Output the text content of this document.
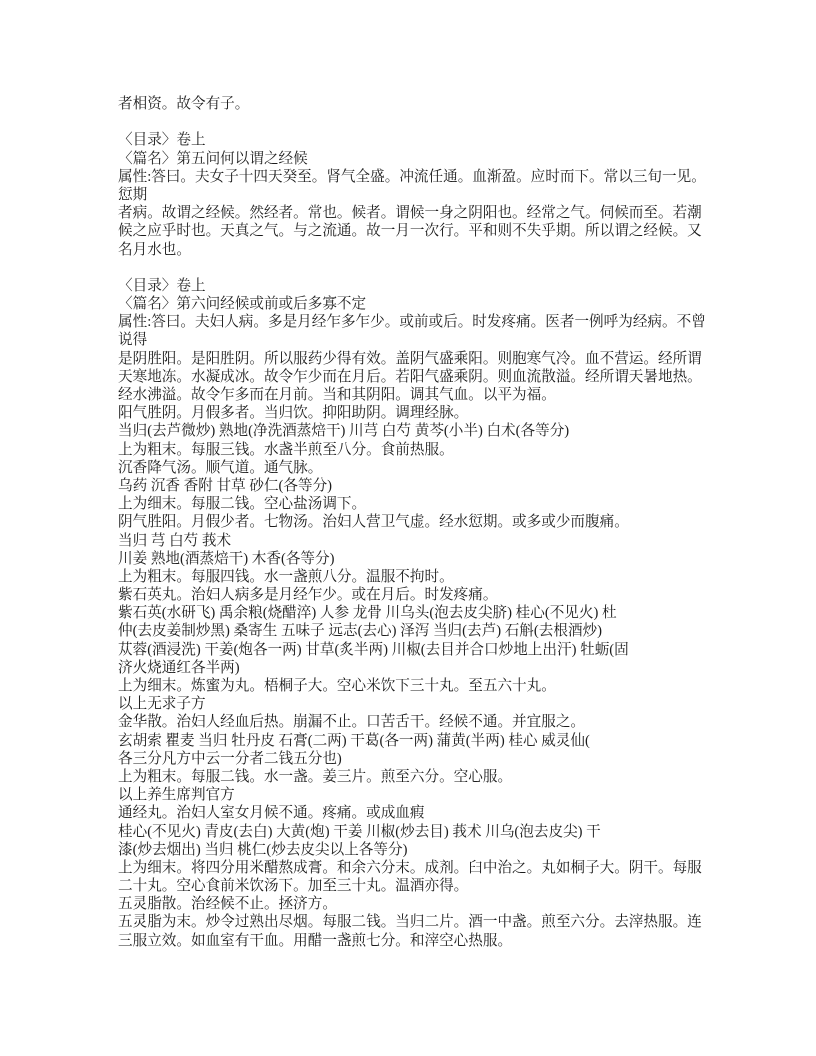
者相资。故令有子。

〈目录〉卷上
〈篇名〉第五问何以谓之经候
属性:答曰。夫女子十四天癸至。肾气全盛。冲流任通。血渐盈。应时而下。常以三旬一见。
愆期
者病。故谓之经候。然经者。常也。候者。谓候一身之阴阳也。经常之气。伺候而至。若潮
候之应乎时也。天真之气。与之流通。故一月一次行。平和则不失乎期。所以谓之经候。又
名月水也。

〈目录〉卷上
〈篇名〉第六问经候或前或后多寡不定
属性:答曰。夫妇人病。多是月经乍多乍少。或前或后。时发疼痛。医者一例呼为经病。不曾
说得
是阴胜阳。是阳胜阴。所以服药少得有效。盖阴气盛乘阳。则胞寒气冷。血不营运。经所谓
天寒地冻。水凝成冰。故令乍少而在月后。若阳气盛乘阴。则血流散溢。经所谓天暑地热。
经水沸溢。故令乍多而在月前。当和其阴阳。调其气血。以平为福。
阳气胜阴。月假多者。当归饮。抑阳助阴。调理经脉。
当归(去芦微炒) 熟地(净洗酒蒸焙干) 川芎 白芍 黄芩(小半) 白术(各等分)
上为粗末。每服三钱。水盏半煎至八分。食前热服。
沉香降气汤。顺气道。通气脉。
乌药 沉香 香附 甘草 砂仁(各等分)
上为细末。每服二钱。空心盐汤调下。
阴气胜阳。月假少者。七物汤。治妇人营卫气虚。经水愆期。或多或少而腹痛。
当归 芎 白芍 莪术
川姜 熟地(酒蒸焙干) 木香(各等分)
上为粗末。每服四钱。水一盏煎八分。温服不拘时。
紫石英丸。治妇人病多是月经乍少。或在月后。时发疼痛。
紫石英(水研飞) 禹余粮(烧醋淬) 人参 龙骨 川乌头(泡去皮尖脐) 桂心(不见火) 杜
仲(去皮姜制炒黑) 桑寄生 五味子 远志(去心) 泽泻 当归(去芦) 石斛(去根酒炒)
苁蓉(酒浸洗) 干姜(炮各一两) 甘草(炙半两) 川椒(去目并合口炒地上出汗) 牡蛎(固
济火烧通红各半两)
上为细末。炼蜜为丸。梧桐子大。空心米饮下三十丸。至五六十丸。
以上无求子方
金华散。治妇人经血后热。崩漏不止。口苦舌干。经候不通。并宜服之。
玄胡索 瞿麦 当归 牡丹皮 石膏(二两) 干葛(各一两) 蒲黄(半两) 桂心 威灵仙(
各三分凡方中云一分者二钱五分也)
上为粗末。每服二钱。水一盏。姜三片。煎至六分。空心服。
以上养生席判官方
通经丸。治妇人室女月候不通。疼痛。或成血瘕
桂心(不见火) 青皮(去白) 大黄(炮) 干姜 川椒(炒去目) 莪术 川乌(泡去皮尖) 干
漆(炒去烟出) 当归 桃仁(炒去皮尖以上各等分)
上为细末。将四分用米醋熬成膏。和余六分末。成剂。臼中治之。丸如桐子大。阴干。每服
二十丸。空心食前米饮汤下。加至三十丸。温酒亦得。
五灵脂散。治经候不止。拯济方。
五灵脂为末。炒令过熟出尽烟。每服二钱。当归二片。酒一中盏。煎至六分。去滓热服。连
三服立效。如血室有干血。用醋一盏煎七分。和滓空心热服。
